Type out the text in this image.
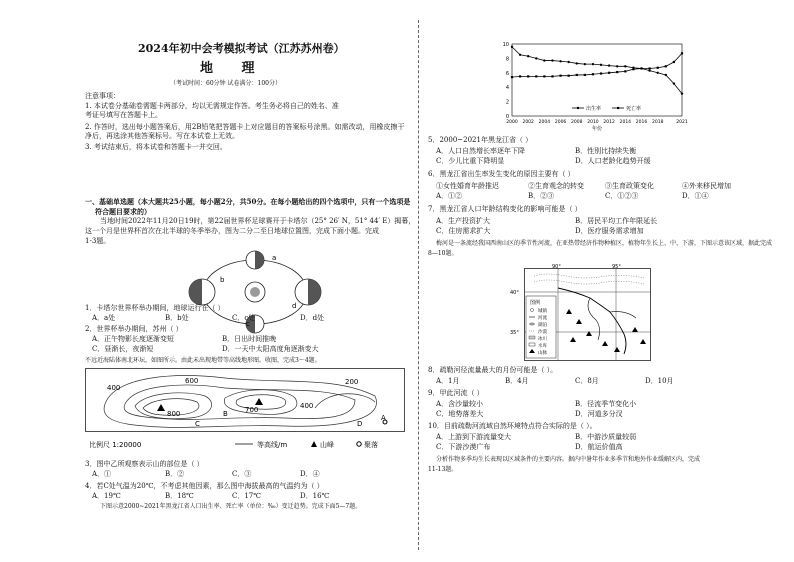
2024年初中会考模拟考试（江苏苏州卷）
地 理
（考试时间：60分钟 试卷满分：100分）
注意事项：
1. 本试卷分基础卷需题卡两部分，均以无需规定作答。考生务必将自己的姓名、准
考证号填写在答题卡上。
2. 作答时，选出每小题答案后，用2B铅笔把答题卡上对应题目的答案标号涂黑。如需改动，用橡皮擦干
净后，再选涂其他答案标号。写在本试卷上无效。
3. 考试结束后，将本试卷和答题卡一并交回。
一、基础单选题（本大题共25小题，每小题2分，共50分。在每小题给出的四个选项中，只有一个选项是
符合题目要求的）
当地时间2022年11月20日19时，第22届世界杯足球赛开于卡塔尔（25° 26′ N，51° 44′ E）揭幕，
这一个月是世界杯首次在北半球的冬季举办，图为二分二至日地球位置图，完成下面小题。完成
1-3题。
a
b
c
d
1．卡塔尔世界杯举办期间，地球运行在（ ）
A．a处	B．b处	C．c处	D．d处
2．世界杯举办期间，苏州（ ）
A．正午物影长度逐渐变短	B．日出时间推晚
C．昼渐长，夜渐短	D．一天中太阳高度角逐渐变大
不远近海陆体南北环坛，如图所示。由此未出现地带等高线地形图。收图，完成3～4题。
400
400
600
800	700
200
A
B
C	D
比例尺 1:20000	等高线/m	山峰	聚落
3．图中乙所观察表示山的部位是（ ）
A．①	B．②	C．③	D．④
4．若C处气温为20℃，不考虑其他因素，那么图中海拔最高的气温约为（ ）
A．19℃	B．18℃	C．17℃	D．16℃
下图示意2000~2021年黑龙江省人口出生率、死亡率（单位：‰）变迁趋势。完成下面5—7题。
0
2
4
6
8
10
2000 2002 2004 2006 2008 2010 2012 2014 2016 2018	2021
年份
出生率	死亡率
5．2000~2021年黑龙江省（ ）
A．人口自然增长率逐年下降	B．性别比持续失衡
C．少儿比重下降明显	D．人口老龄化趋势开缓
6．黑龙江省出生率发生变化的原因主要有（ ）
①女性婚育年龄推迟	②生育观念的转变	③生育政策变化	④外来移民增加
A．①②	B．②③	C．①②③	D．①④
7．黑龙江省人口年龄结构变化的影响可能是（ ）
A．生产投资扩大	B．居民平均工作年限延长
C．住房需求扩大	D．医疗服务需求增加
梅河是一条流经我国西南山区的季节性河流，在亚热带经济作物种植区，植物年生长上、中、下游，下图示意该区域，据此完成
8—10题。
90°	95°
40°
35°
图例
城镇
河流
湖泊
沙漠
冰川
水库
山脉
8．疏勒河径流量最大的月份可能是（ ）。
A．1月	B．4月	C．8月	D．10月
9．甲此河流（ ）
A．含沙量较小	B．径流季节变化小
C．地势落差大	D．河道多分汊
10．目前疏勒河流域自然环境特点符合实际的是（ ）。
A．上游到下游流量变大	B．中游沙质量较弱
C．下游沙漠广布	D．航运价值高
分析作物多季均生长表现以区域条件的主要内容。据内中暑年作业多季节和地外作业缓解区内，完成
11-13题。
